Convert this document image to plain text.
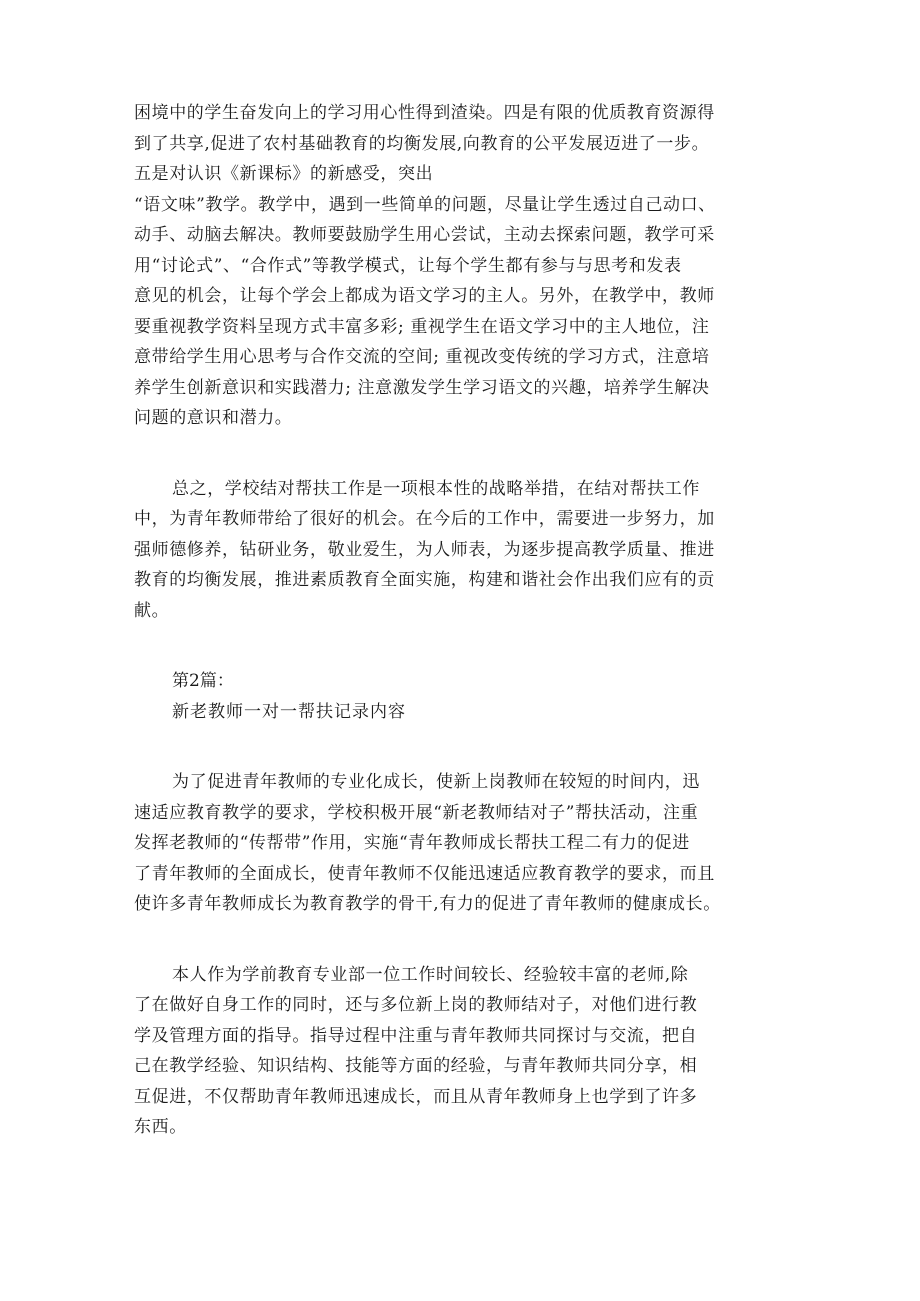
困境中的学生奋发向上的学习用心性得到渣染。四是有限的优质教育资源得
到了共享,促进了农村基础教育的均衡发展,向教育的公平发展迈进了一步。
五是对认识《新课标》的新感受，突出
“语文味”教学。教学中，遇到一些简单的问题，尽量让学生透过自己动口、
动手、动脑去解决。教师要鼓励学生用心尝试，主动去探索问题，教学可采
用“讨论式”、“合作式”等教学模式，让每个学生都有参与与思考和发表
意见的机会，让每个学会上都成为语文学习的主人。另外，在教学中，教师
要重视教学资料呈现方式丰富多彩; 重视学生在语文学习中的主人地位，注
意带给学生用心思考与合作交流的空间; 重视改变传统的学习方式，注意培
养学生创新意识和实践潜力; 注意激发学生学习语文的兴趣，培养学生解决
问题的意识和潜力。
总之，学校结对帮扶工作是一项根本性的战略举措，在结对帮扶工作
中，为青年教师带给了很好的机会。在今后的工作中，需要进一步努力，加
强师德修养，钻研业务，敬业爱生，为人师表，为逐步提高教学质量、推进
教育的均衡发展，推进素质教育全面实施，构建和谐社会作出我们应有的贡
献。
第2篇：
新老教师一对一帮扶记录内容
为了促进青年教师的专业化成长，使新上岗教师在较短的时间内，迅
速适应教育教学的要求，学校积极开展“新老教师结对子”帮扶活动，注重
发挥老教师的“传帮带”作用，实施“青年教师成长帮扶工程二有力的促进
了青年教师的全面成长，使青年教师不仅能迅速适应教育教学的要求，而且
使许多青年教师成长为教育教学的骨干,有力的促进了青年教师的健康成长。
本人作为学前教育专业部一位工作时间较长、经验较丰富的老师,除
了在做好自身工作的同时，还与多位新上岗的教师结对子，对他们进行教
学及管理方面的指导。指导过程中注重与青年教师共同探讨与交流，把自
己在教学经验、知识结构、技能等方面的经验，与青年教师共同分享，相
互促进，不仅帮助青年教师迅速成长，而且从青年教师身上也学到了许多
东西。
